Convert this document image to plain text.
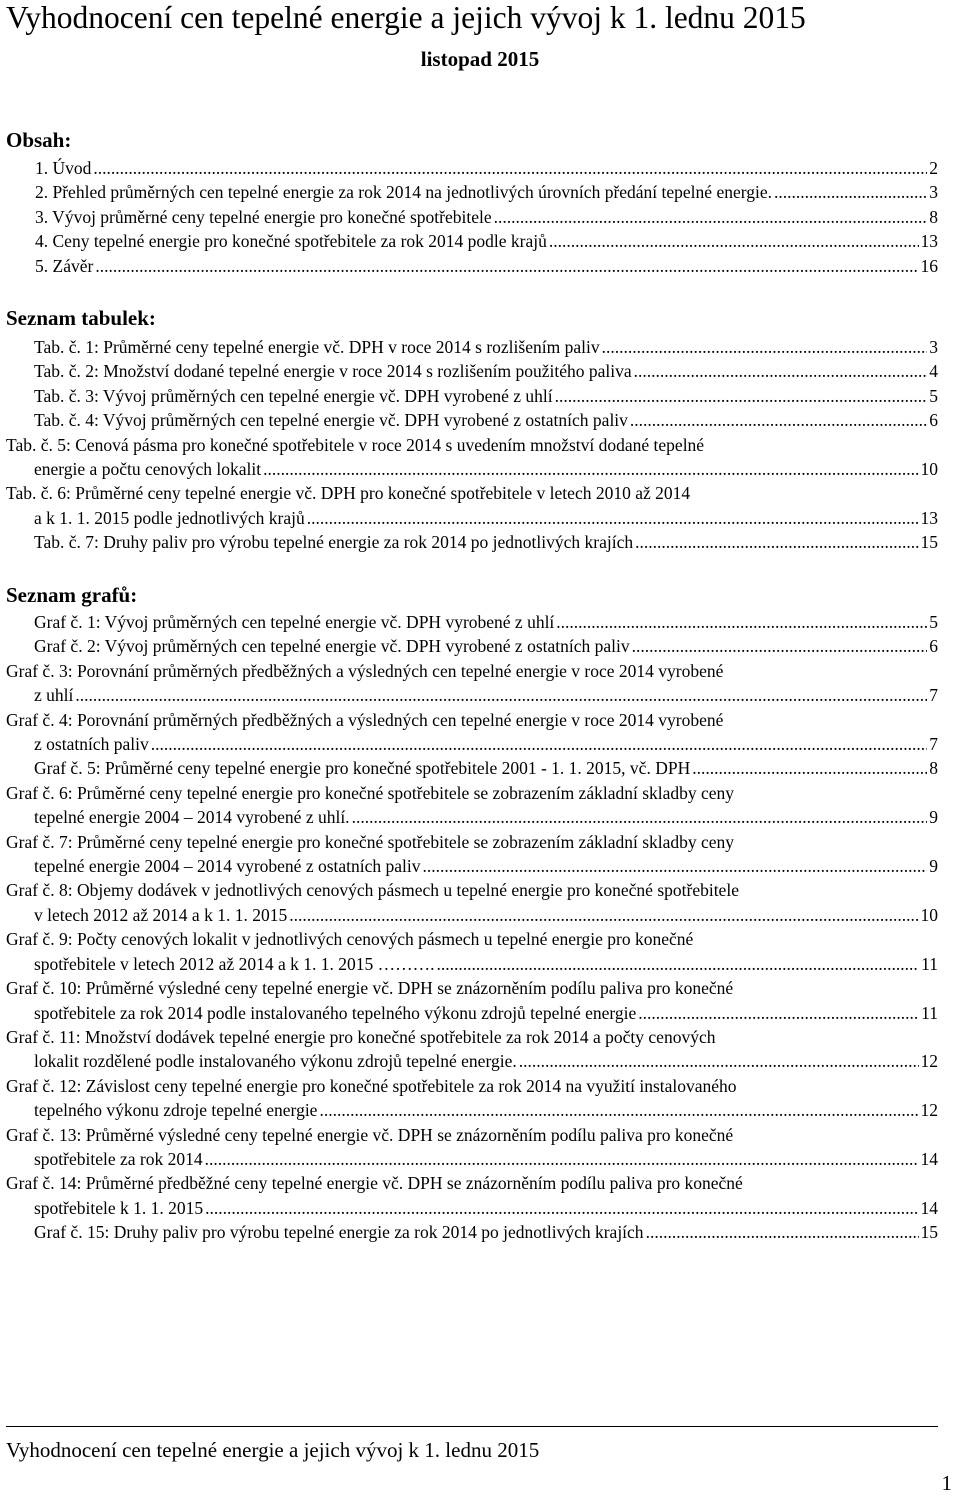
Vyhodnocení cen tepelné energie a jejich vývoj k 1. lednu 2015
listopad 2015
Obsah:
1. Úvod .....	2
2. Přehled průměrných cen tepelné energie za rok 2014 na jednotlivých úrovních předání tepelné energie. .....	3
3. Vývoj průměrné ceny tepelné energie pro konečné spotřebitele .....	8
4. Ceny tepelné energie pro konečné spotřebitele za rok 2014 podle krajů .....	13
5. Závěr .....	16
Seznam tabulek:
Tab. č. 1: Průměrné ceny tepelné energie vč. DPH v roce 2014 s rozlišením paliv .....	3
Tab. č. 2: Množství dodané tepelné energie v roce 2014 s rozlišením použitého paliva .....	4
Tab. č. 3: Vývoj průměrných cen tepelné energie vč. DPH vyrobené z uhlí .....	5
Tab. č. 4: Vývoj průměrných cen tepelné energie vč. DPH vyrobené z ostatních paliv .....	6
Tab. č. 5: Cenová pásma pro konečné spotřebitele v roce 2014 s uvedením množství dodané tepelné
energie a počtu cenových lokalit .....	10
Tab. č. 6: Průměrné ceny tepelné energie vč. DPH pro konečné spotřebitele v letech 2010 až 2014
a k 1. 1. 2015 podle jednotlivých krajů .....	13
Tab. č. 7: Druhy paliv pro výrobu tepelné energie za rok 2014 po jednotlivých krajích .....	15
Seznam grafů:
Graf č. 1: Vývoj průměrných cen tepelné energie vč. DPH vyrobené z uhlí .....	5
Graf č. 2: Vývoj průměrných cen tepelné energie vč. DPH vyrobené z ostatních paliv .....	6
Graf č. 3: Porovnání průměrných předběžných a výsledných cen tepelné energie v roce 2014 vyrobené
z uhlí .....	7
Graf č. 4: Porovnání průměrných předběžných a výsledných cen tepelné energie v roce 2014 vyrobené
z ostatních paliv .....	7
Graf č. 5: Průměrné ceny tepelné energie pro konečné spotřebitele 2001 - 1. 1. 2015, vč. DPH .....	8
Graf č. 6: Průměrné ceny tepelné energie pro konečné spotřebitele se zobrazením základní skladby ceny
tepelné energie 2004 – 2014 vyrobené z uhlí. .....	9
Graf č. 7: Průměrné ceny tepelné energie pro konečné spotřebitele se zobrazením základní skladby ceny
tepelné energie 2004 – 2014 vyrobené z ostatních paliv .....	9
Graf č. 8: Objemy dodávek v jednotlivých cenových pásmech u tepelné energie pro konečné spotřebitele
v letech 2012 až 2014 a k 1. 1. 2015 .....	10
Graf č. 9: Počty cenových lokalit v jednotlivých cenových pásmech u tepelné energie pro konečné
spotřebitele v letech 2012 až 2014 a k 1. 1. 2015 ………. .....	11
Graf č. 10: Průměrné výsledné ceny tepelné energie vč. DPH se znázorněním podílu paliva pro konečné
spotřebitele za rok 2014 podle instalovaného tepelného výkonu zdrojů tepelné energie .....	11
Graf č. 11: Množství dodávek tepelné energie pro konečné spotřebitele za rok 2014 a počty cenových
lokalit rozdělené podle instalovaného výkonu zdrojů tepelné energie. .....	12
Graf č. 12: Závislost ceny tepelné energie pro konečné spotřebitele za rok 2014 na využití instalovaného
tepelného výkonu zdroje tepelné energie .....	12
Graf č. 13: Průměrné výsledné ceny tepelné energie vč. DPH se znázorněním podílu paliva pro konečné
spotřebitele za rok 2014 .....	14
Graf č. 14: Průměrné předběžné ceny tepelné energie vč. DPH se znázorněním podílu paliva pro konečné
spotřebitele k 1. 1. 2015 .....	14
Graf č. 15: Druhy paliv pro výrobu tepelné energie za rok 2014 po jednotlivých krajích .....	15
Vyhodnocení cen tepelné energie a jejich vývoj k 1. lednu 2015
1
